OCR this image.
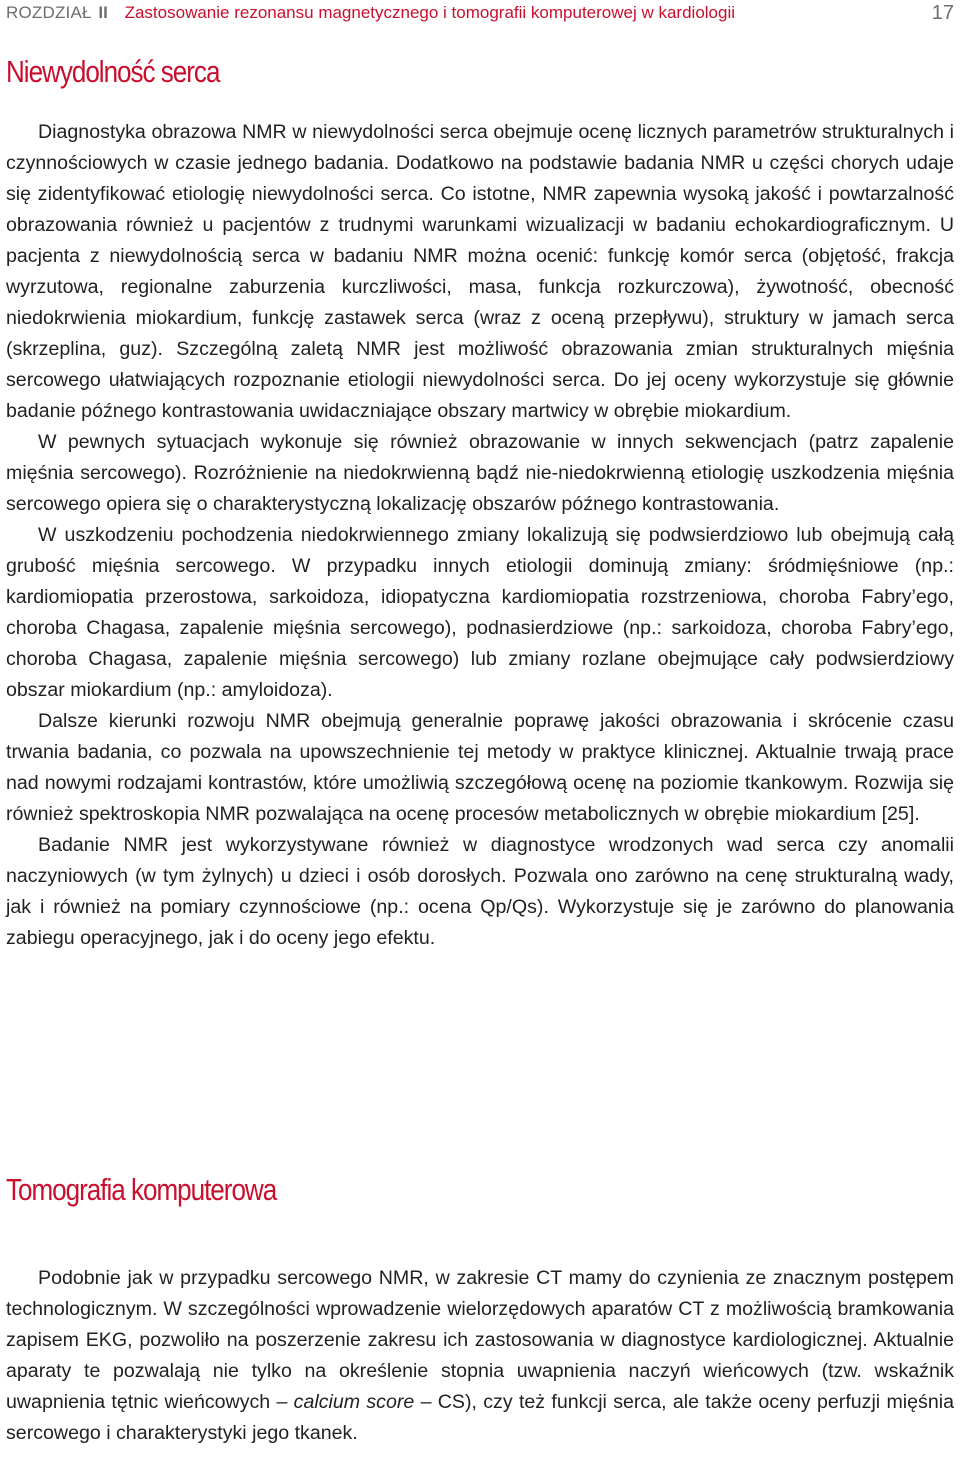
ROZDZIAŁ II Zastosowanie rezonansu magnetycznego i tomografii komputerowej w kardiologii	17
Niewydolność serca

Diagnostyka obrazowa NMR w niewydolności serca obejmuje ocenę licznych parametrów strukturalnych i czynnościowych w czasie jednego badania. Dodatkowo na podstawie badania NMR u części chorych udaje się zidentyfikować etiologię niewydolności serca. Co istotne, NMR zapewnia wysoką jakość i powtarzalność obrazowania również u pacjentów z trudnymi warunkami wizualizacji w badaniu echokardiograficznym. U pacjenta z niewydolnością serca w badaniu NMR można ocenić: funkcję komór serca (objętość, frakcja wyrzutowa, regionalne zaburzenia kurczliwości, masa, funkcja rozkurczowa), żywotność, obecność niedokrwienia miokardium, funkcję zastawek serca (wraz z oceną przepływu), struktury w jamach serca (skrzeplina, guz). Szczególną zaletą NMR jest możliwość obrazowania zmian strukturalnych mięśnia sercowego ułatwiających rozpoznanie etiologii niewydolności serca. Do jej oceny wykorzystuje się głównie badanie późnego kontrastowania uwidaczniające obszary martwicy w obrębie miokardium.

W pewnych sytuacjach wykonuje się również obrazowanie w innych sekwencjach (patrz zapalenie mięśnia sercowego). Rozróżnienie na niedokrwienną bądź nie-niedokrwienną etiologię uszkodzenia mięśnia sercowego opiera się o charakterystyczną lokalizację obszarów późnego kontrastowania.

W uszkodzeniu pochodzenia niedokrwiennego zmiany lokalizują się podwsierdziowo lub obejmują całą grubość mięśnia sercowego. W przypadku innych etiologii dominują zmiany: śródmięśniowe (np.: kardiomiopatia przerostowa, sarkoidoza, idiopatyczna kardiomiopatia rozstrzeniowa, choroba Fabry’ego, choroba Chagasa, zapalenie mięśnia sercowego), podnasierdziowe (np.: sarkoidoza, choroba Fabry’ego, choroba Chagasa, zapalenie mięśnia sercowego) lub zmiany rozlane obejmujące cały podwsierdziowy obszar miokardium (np.: amyloidoza).

Dalsze kierunki rozwoju NMR obejmują generalnie poprawę jakości obrazowania i skrócenie czasu trwania badania, co pozwala na upowszechnienie tej metody w praktyce klinicznej. Aktualnie trwają prace nad nowymi rodzajami kontrastów, które umożliwią szczegółową ocenę na poziomie tkankowym. Rozwija się również spektroskopia NMR pozwalająca na ocenę procesów metabolicznych w obrębie miokardium [25].

Badanie NMR jest wykorzystywane również w diagnostyce wrodzonych wad serca czy anomalii naczyniowych (w tym żylnych) u dzieci i osób dorosłych. Pozwala ono zarówno na cenę strukturalną wady, jak i również na pomiary czynnościowe (np.: ocena Qp/Qs). Wykorzystuje się je zarówno do planowania zabiegu operacyjnego, jak i do oceny jego efektu.

Tomografia komputerowa

Podobnie jak w przypadku sercowego NMR, w zakresie CT mamy do czynienia ze znacznym postępem technologicznym. W szczególności wprowadzenie wielorzędowych aparatów CT z możliwością bramkowania zapisem EKG, pozwoliło na poszerzenie zakresu ich zastosowania w diagnostyce kardiologicznej. Aktualnie aparaty te pozwalają nie tylko na określenie stopnia uwapnienia naczyń wieńcowych (tzw. wskaźnik uwapnienia tętnic wieńcowych – calcium score – CS), czy też funkcji serca, ale także oceny perfuzji mięśnia sercowego i charakterystyki jego tkanek.
